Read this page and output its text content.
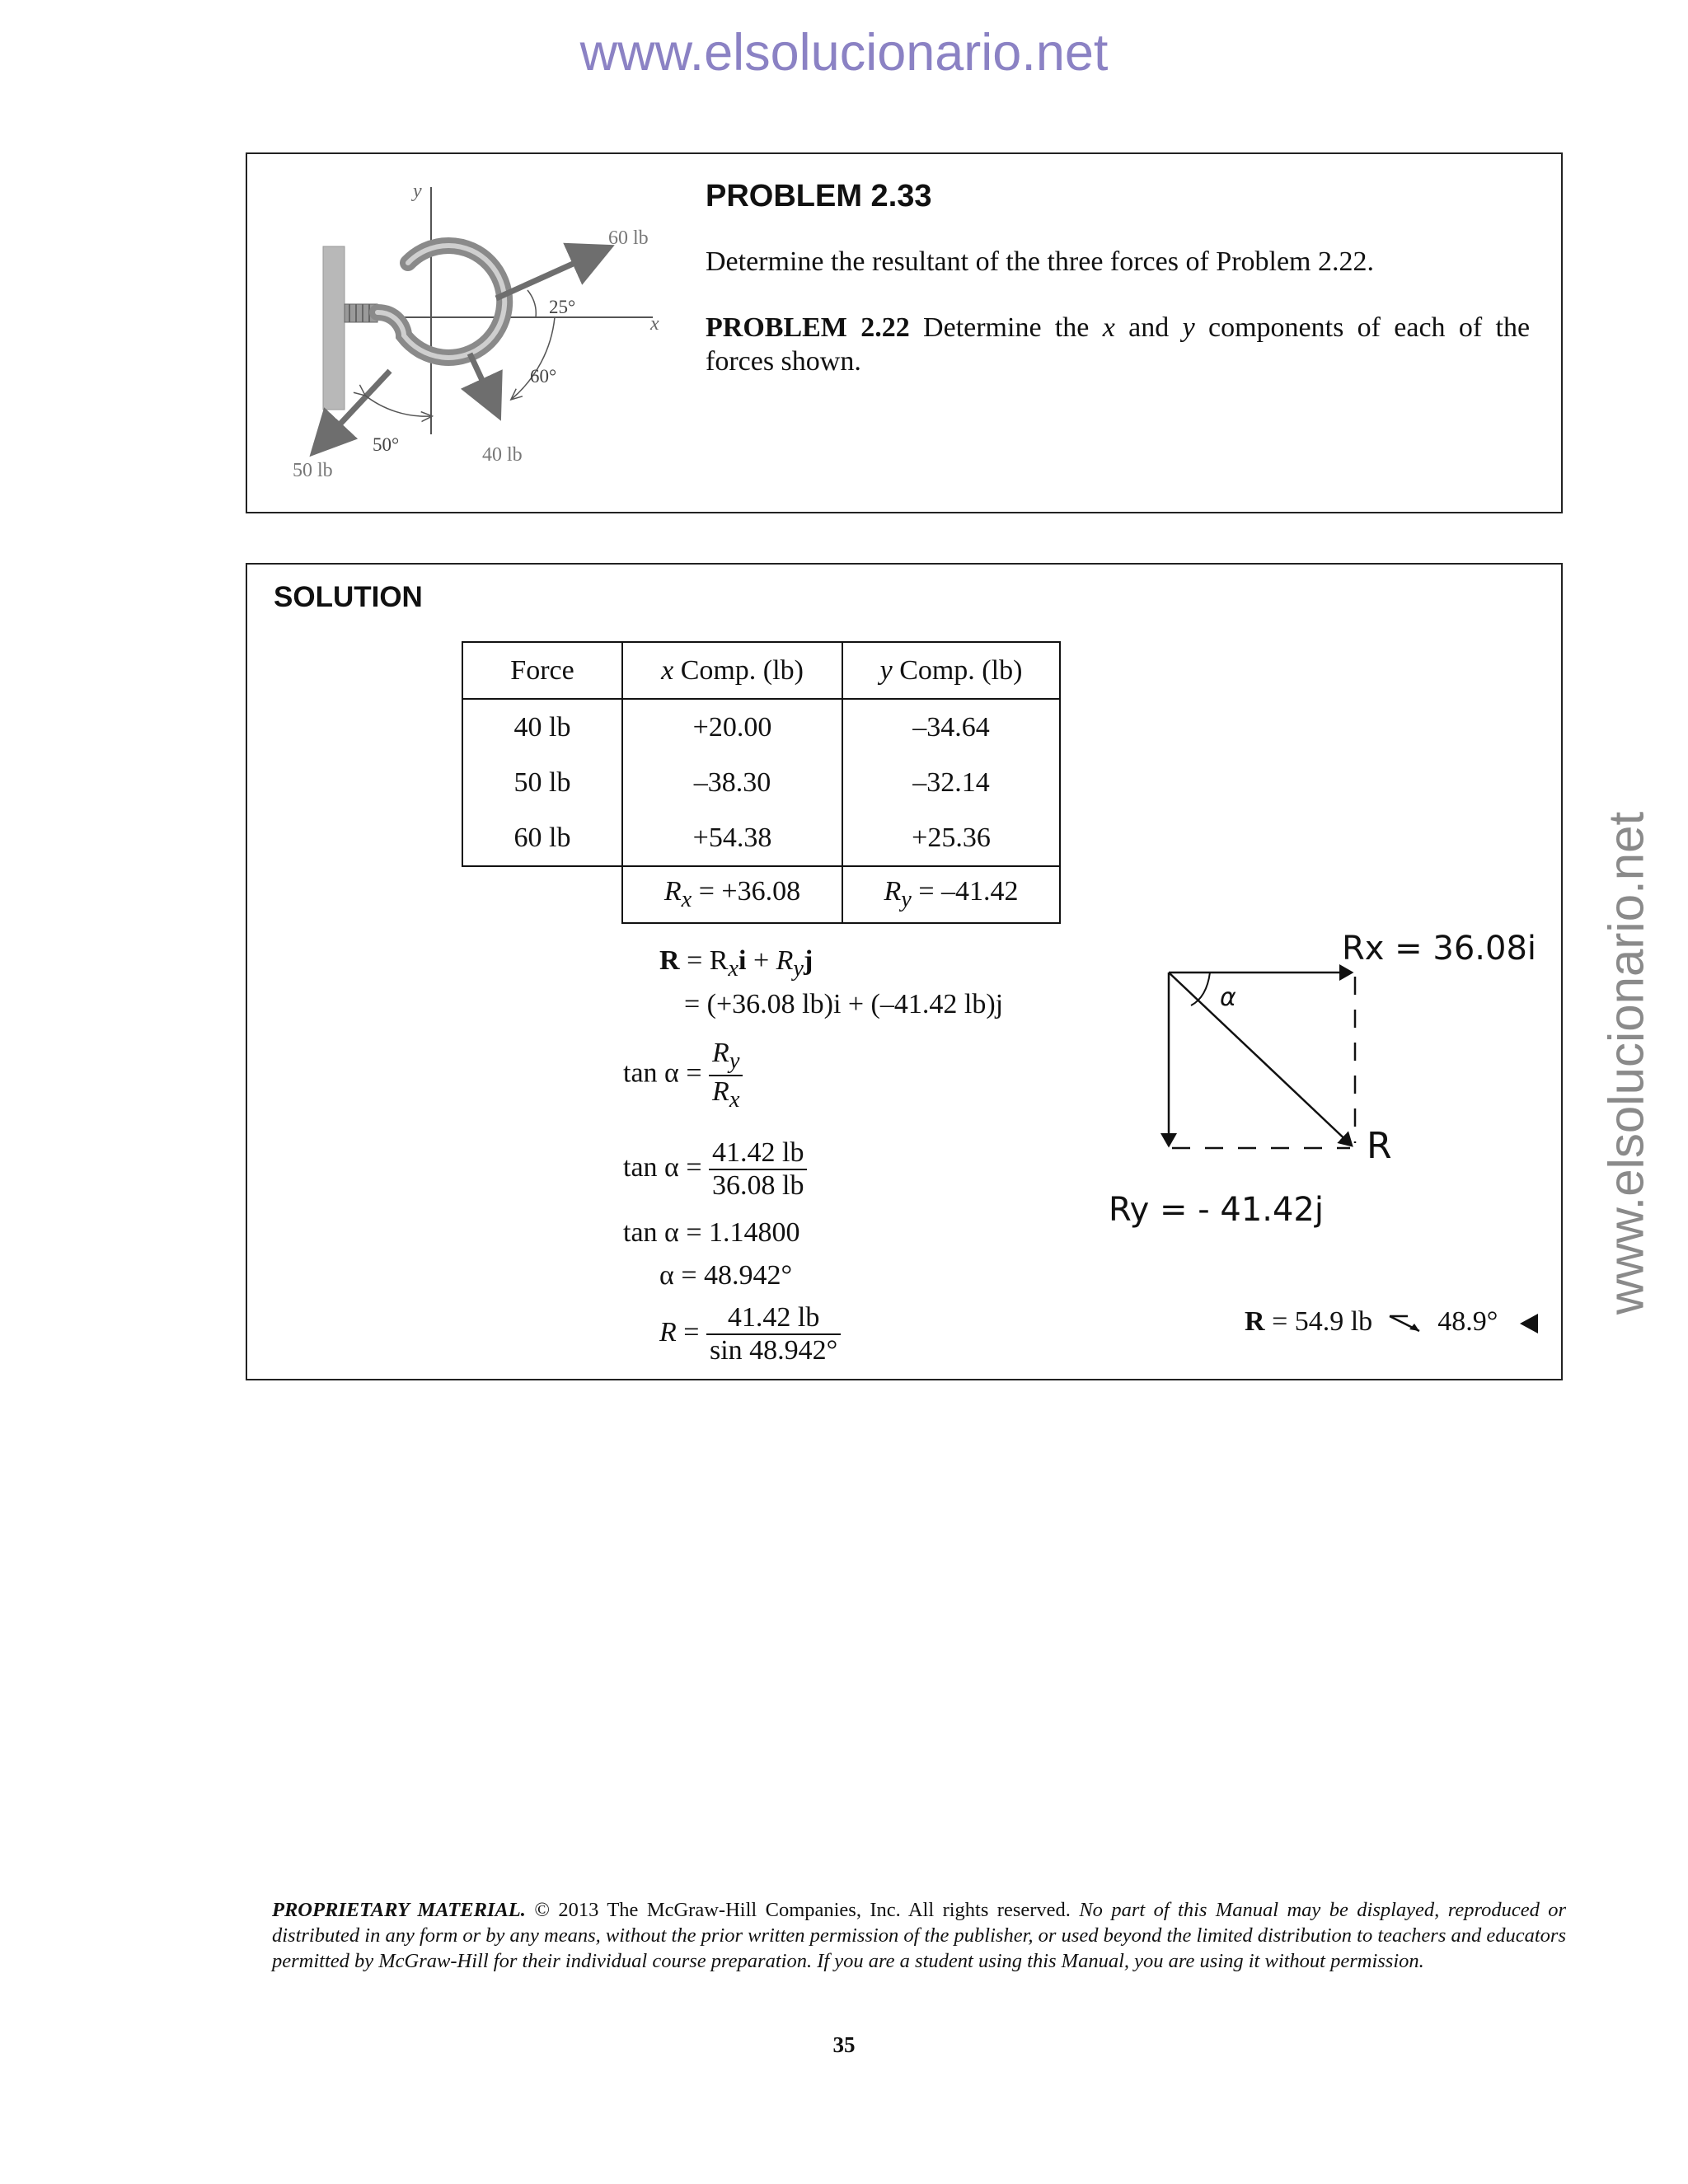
www.elsolucionario.net
www.elsolucionario.net
y
x
60 lb
40 lb
50 lb
25°
60°
50°
PROBLEM 2.33
Determine the resultant of the three forces of Problem 2.22.
PROBLEM 2.22 Determine the x and y components of each of the forces shown.
SOLUTION
Force	x Comp. (lb)	y Comp. (lb)
40 lb	+20.00	–34.64
50 lb	–38.30	–32.14
60 lb	+54.38	+25.36
	$R_x = +36.08$	$R_y = -41.42$
$R = R_xi + R_yj$
= (+36.08 lb)i + (–41.42 lb)j
$\tan \alpha = \frac{R_y}{R_x}$
$\tan \alpha = \frac{41.42 lb}{36.08 lb}$
tan α = 1.14800
α = 48.942°
$R = \frac{41.42 lb}{\sin 48.942^\circ}$
α
R
Rx = 36.08i
Ry = - 41.42j
R = 54.9 lb 48.9°
PROPRIETARY MATERIAL. © 2013 The McGraw-Hill Companies, Inc. All rights reserved. No part of this Manual may be displayed, reproduced or distributed in any form or by any means, without the prior written permission of the publisher, or used beyond the limited distribution to teachers and educators permitted by McGraw-Hill for their individual course preparation. If you are a student using this Manual, you are using it without permission.
35
